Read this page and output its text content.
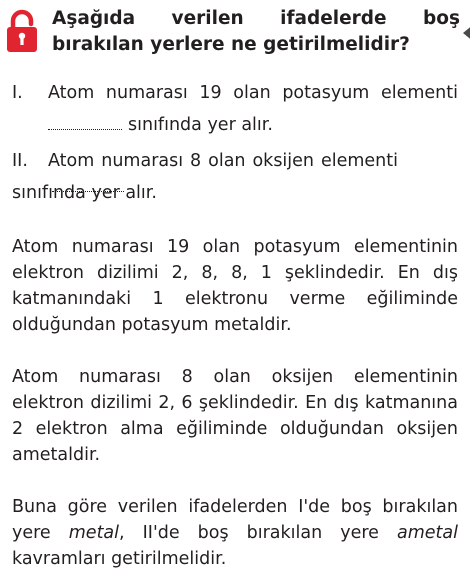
Aşağıda verilen ifadelerde boş bırakılan yerlere ne getirilmelidir?
I. Atom numarası 19 olan potasyum elementi
sınıfında yer alır.
II. Atom numarası 8 olan oksijen elementi
sınıfında yer alır.
Atom numarası 19 olan potasyum elementinin elektron dizilimi 2, 8, 8, 1 şeklindedir. En dış katmanındaki 1 elektronu verme eğiliminde olduğundan potasyum metaldir.
Atom numarası 8 olan oksijen elementinin elektron dizilimi 2, 6 şeklindedir. En dış katmanına 2 elektron alma eğiliminde olduğundan oksijen ametaldir.
Buna göre verilen ifadelerden I'de boş bırakılan yere metal, II'de boş bırakılan yere ametal kavramları getirilmelidir.
